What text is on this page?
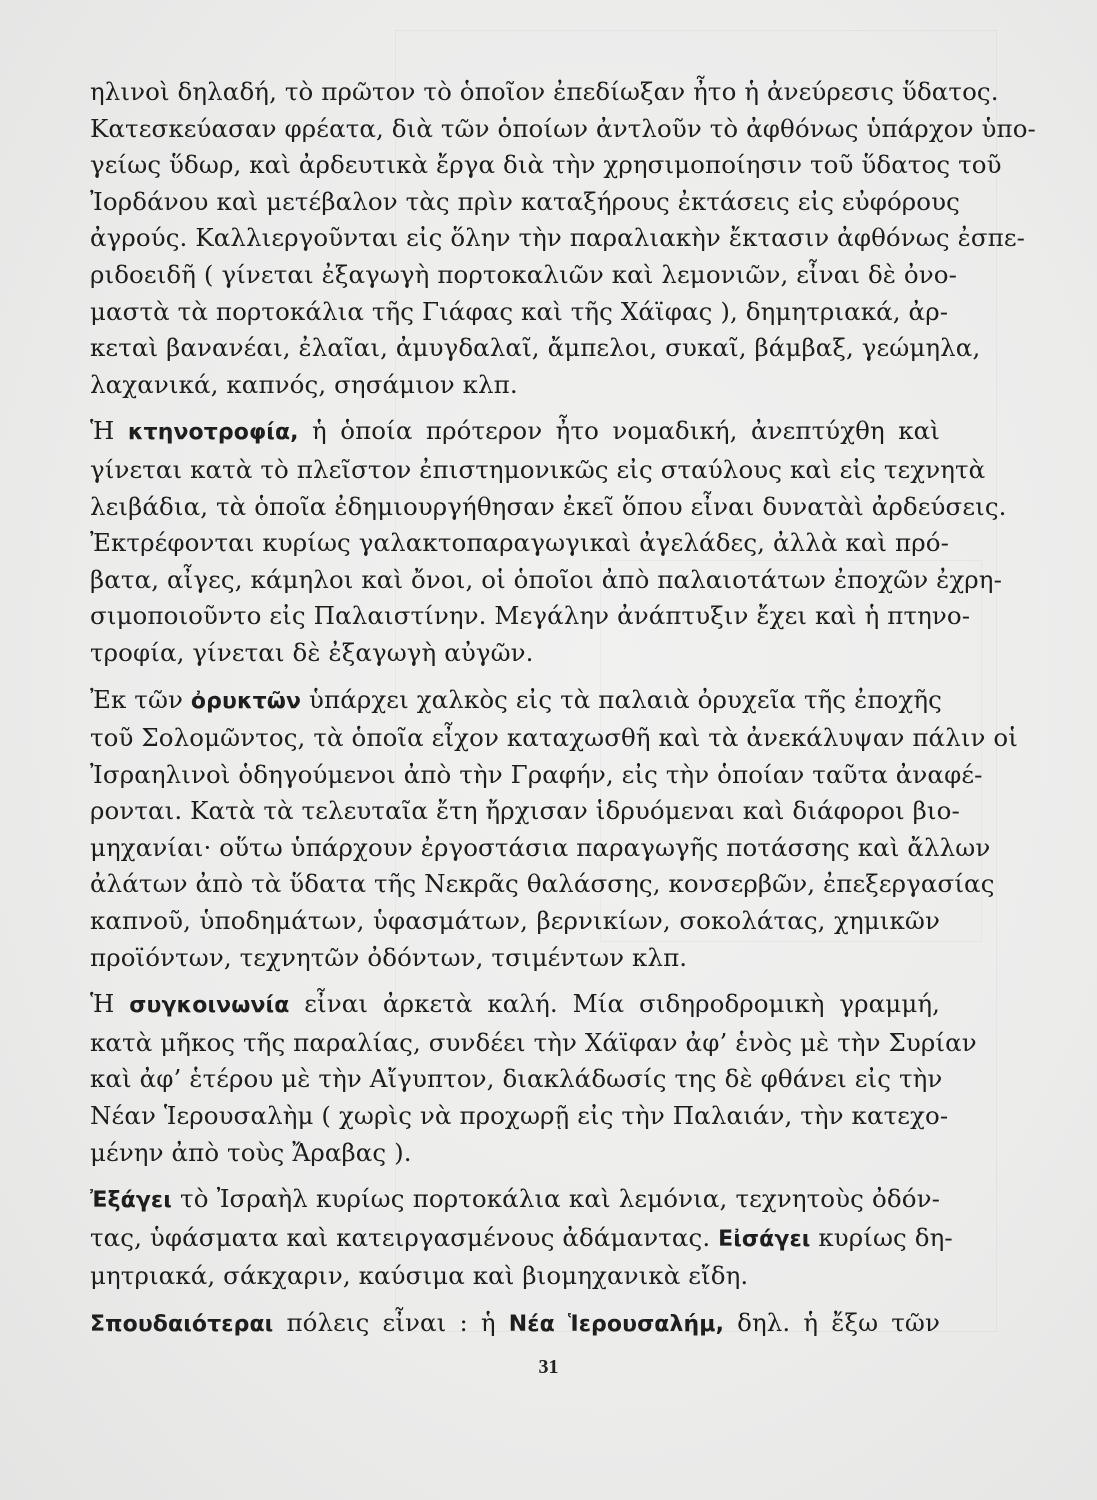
ηλινοὶ δηλαδή, τὸ πρῶτον τὸ ὁποῖον ἐπεδίωξαν ἦτο ἡ ἀνεύρεσις ὕδατος.
Κατεσκεύασαν φρέατα, διὰ τῶν ὁποίων ἀντλοῦν τὸ ἀφθόνως ὑπάρχον ὑπο-
γείως ὕδωρ, καὶ ἀρδευτικὰ ἔργα διὰ τὴν χρησιμοποίησιν τοῦ ὕδατος τοῦ
Ἰορδάνου καὶ μετέβαλον τὰς πρὶν καταξήρους ἐκτάσεις εἰς εὐφόρους
ἀγρούς. Καλλιεργοῦνται εἰς ὅλην τὴν παραλιακὴν ἔκτασιν ἀφθόνως ἐσπε-
ριδοειδῆ ( γίνεται ἐξαγωγὴ πορτοκαλιῶν καὶ λεμονιῶν, εἶναι δὲ ὀνο-
μαστὰ τὰ πορτοκάλια τῆς Γιάφας καὶ τῆς Χάϊφας ), δημητριακά, ἀρ-
κεταὶ βανανέαι, ἐλαῖαι, ἀμυγδαλαῖ, ἄμπελοι, συκαῖ, βάμβαξ, γεώμηλα,
λαχανικά, καπνός, σησάμιον κλπ.
Ἡ κτηνοτροφία, ἡ ὁποία πρότερον ἦτο νομαδική, ἀνεπτύχθη καὶ
γίνεται κατὰ τὸ πλεῖστον ἐπιστημονικῶς εἰς σταύλους καὶ εἰς τεχνητὰ
λειβάδια, τὰ ὁποῖα ἐδημιουργήθησαν ἐκεῖ ὅπου εἶναι δυνατὰὶ ἀρδεύσεις.
Ἐκτρέφονται κυρίως γαλακτοπαραγωγικαὶ ἀγελάδες, ἀλλὰ καὶ πρό-
βατα, αἶγες, κάμηλοι καὶ ὄνοι, οἱ ὁποῖοι ἀπὸ παλαιοτάτων ἐποχῶν ἐχρη-
σιμοποιοῦντο εἰς Παλαιστίνην. Μεγάλην ἀνάπτυξιν ἔχει καὶ ἡ πτηνο-
τροφία, γίνεται δὲ ἐξαγωγὴ αὐγῶν.
Ἐκ τῶν ὀρυκτῶν ὑπάρχει χαλκὸς εἰς τὰ παλαιὰ ὀρυχεῖα τῆς ἐποχῆς
τοῦ Σολομῶντος, τὰ ὁποῖα εἶχον καταχωσθῆ καὶ τὰ ἀνεκάλυψαν πάλιν οἱ
Ἰσραηλινοὶ ὁδηγούμενοι ἀπὸ τὴν Γραφήν, εἰς τὴν ὁποίαν ταῦτα ἀναφέ-
ρονται. Κατὰ τὰ τελευταῖα ἔτη ἤρχισαν ἱδρυόμεναι καὶ διάφοροι βιο-
μηχανίαι· οὕτω ὑπάρχουν ἐργοστάσια παραγωγῆς ποτάσσης καὶ ἄλλων
ἀλάτων ἀπὸ τὰ ὕδατα τῆς Νεκρᾶς θαλάσσης, κονσερβῶν, ἐπεξεργασίας
καπνοῦ, ὑποδημάτων, ὑφασμάτων, βερνικίων, σοκολάτας, χημικῶν
προϊόντων, τεχνητῶν ὀδόντων, τσιμέντων κλπ.
Ἡ συγκοινωνία εἶναι ἀρκετὰ καλή. Μία σιδηροδρομικὴ γραμμή,
κατὰ μῆκος τῆς παραλίας, συνδέει τὴν Χάϊφαν ἀφ’ ἑνὸς μὲ τὴν Συρίαν
καὶ ἀφ’ ἑτέρου μὲ τὴν Αἴγυπτον, διακλάδωσίς της δὲ φθάνει εἰς τὴν
Νέαν Ἱερουσαλὴμ ( χωρὶς νὰ προχωρῇ εἰς τὴν Παλαιάν, τὴν κατεχο-
μένην ἀπὸ τοὺς Ἄραβας ).
Ἐξάγει τὸ Ἰσραὴλ κυρίως πορτοκάλια καὶ λεμόνια, τεχνητοὺς ὀδόν-
τας, ὑφάσματα καὶ κατειργασμένους ἀδάμαντας. Εἰσάγει κυρίως δη-
μητριακά, σάκχαριν, καύσιμα καὶ βιομηχανικὰ εἴδη.
Σπουδαιότεραι πόλεις εἶναι : ἡ Νέα Ἱερουσαλήμ, δηλ. ἡ ἔξω τῶν
31
